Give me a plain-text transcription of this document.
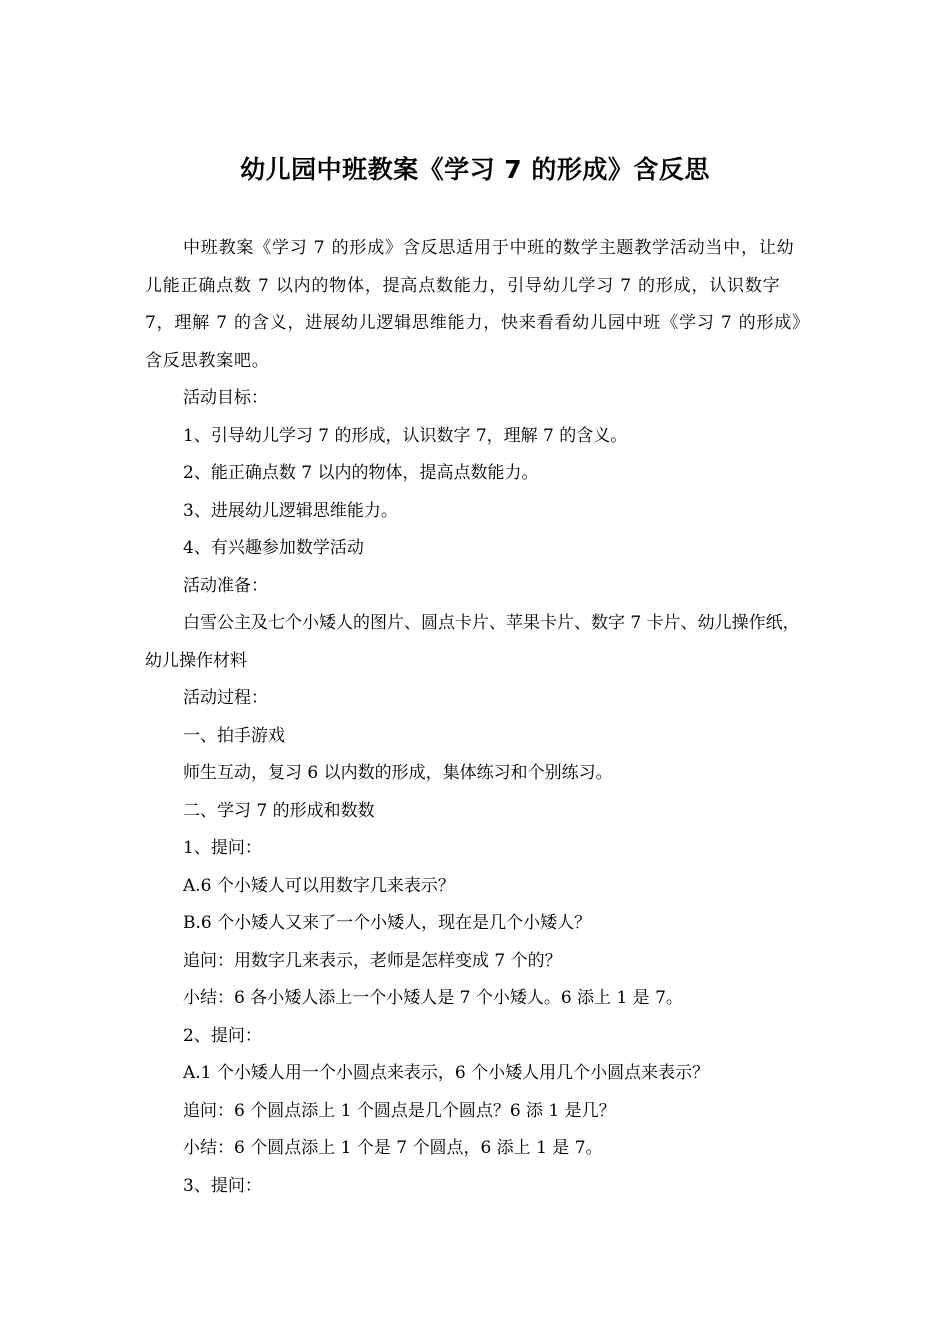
幼儿园中班教案《学习 7 的形成》含反思

中班教案《学习 7 的形成》含反思适用于中班的数学主题教学活动当中，让幼儿能正确点数 7 以内的物体，提高点数能力，引导幼儿学习 7 的形成，认识数字 7，理解 7 的含义，进展幼儿逻辑思维能力，快来看看幼儿园中班《学习 7 的形成》含反思教案吧。

活动目标：

1、引导幼儿学习 7 的形成，认识数字 7，理解 7 的含义。

2、能正确点数 7 以内的物体，提高点数能力。

3、进展幼儿逻辑思维能力。

4、有兴趣参加数学活动

活动准备：

白雪公主及七个小矮人的图片、圆点卡片、苹果卡片、数字 7 卡片、幼儿操作纸，幼儿操作材料

活动过程：

一、拍手游戏

师生互动，复习 6 以内数的形成，集体练习和个别练习。

二、学习 7 的形成和数数

1、提问：

A.6 个小矮人可以用数字几来表示？

B.6 个小矮人又来了一个小矮人，现在是几个小矮人？

追问：用数字几来表示，老师是怎样变成 7 个的？

小结：6 各小矮人添上一个小矮人是 7 个小矮人。6 添上 1 是 7。

2、提问：

A.1 个小矮人用一个小圆点来表示，6 个小矮人用几个小圆点来表示？

追问：6 个圆点添上 1 个圆点是几个圆点？6 添 1 是几？

小结：6 个圆点添上 1 个是 7 个圆点，6 添上 1 是 7。

3、提问：
